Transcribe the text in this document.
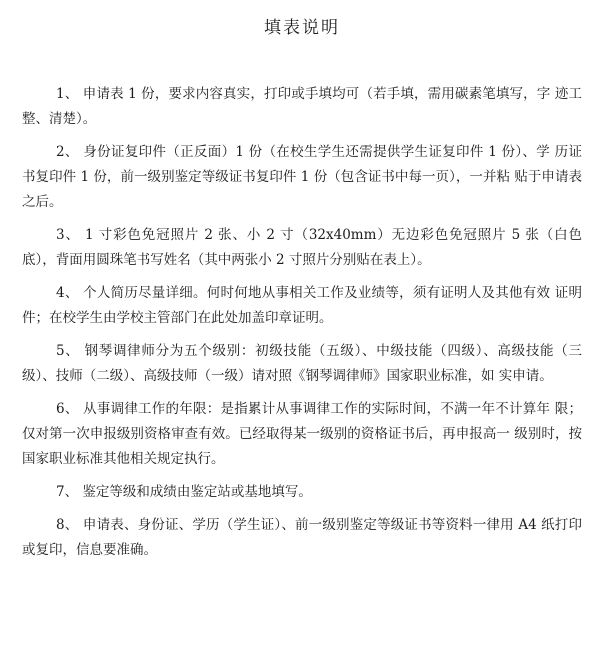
填表说明

1、 申请表 1 份，要求内容真实，打印或手填均可（若手填，需用碳素笔填写，字 迹工整、清楚）。

2、 身份证复印件（正反面）1 份（在校生学生还需提供学生证复印件 1 份）、学 历证书复印件 1 份，前一级别鉴定等级证书复印件 1 份（包含证书中每一页），一并粘 贴于申请表之后。

3、 1 寸彩色免冠照片 2 张、小 2 寸（32x40mm）无边彩色免冠照片 5 张（白色底），背面用圆珠笔书写姓名（其中两张小 2 寸照片分别贴在表上）。

4、 个人简历尽量详细。何时何地从事相关工作及业绩等，须有证明人及其他有效 证明件；在校学生由学校主管部门在此处加盖印章证明。

5、 钢琴调律师分为五个级别：初级技能（五级）、中级技能（四级）、高级技能（三 级）、技师（二级）、高级技师（一级）请对照《钢琴调律师》国家职业标准，如 实申请。

6、 从事调律工作的年限：是指累计从事调律工作的实际时间，不满一年不计算年 限；仅对第一次申报级别资格审查有效。已经取得某一级别的资格证书后，再申报高一 级别时，按国家职业标准其他相关规定执行。

7、 鉴定等级和成绩由鉴定站或基地填写。

8、 申请表、身份证、学历（学生证）、前一级别鉴定等级证书等资料一律用 A4 纸打印或复印，信息要准确。
